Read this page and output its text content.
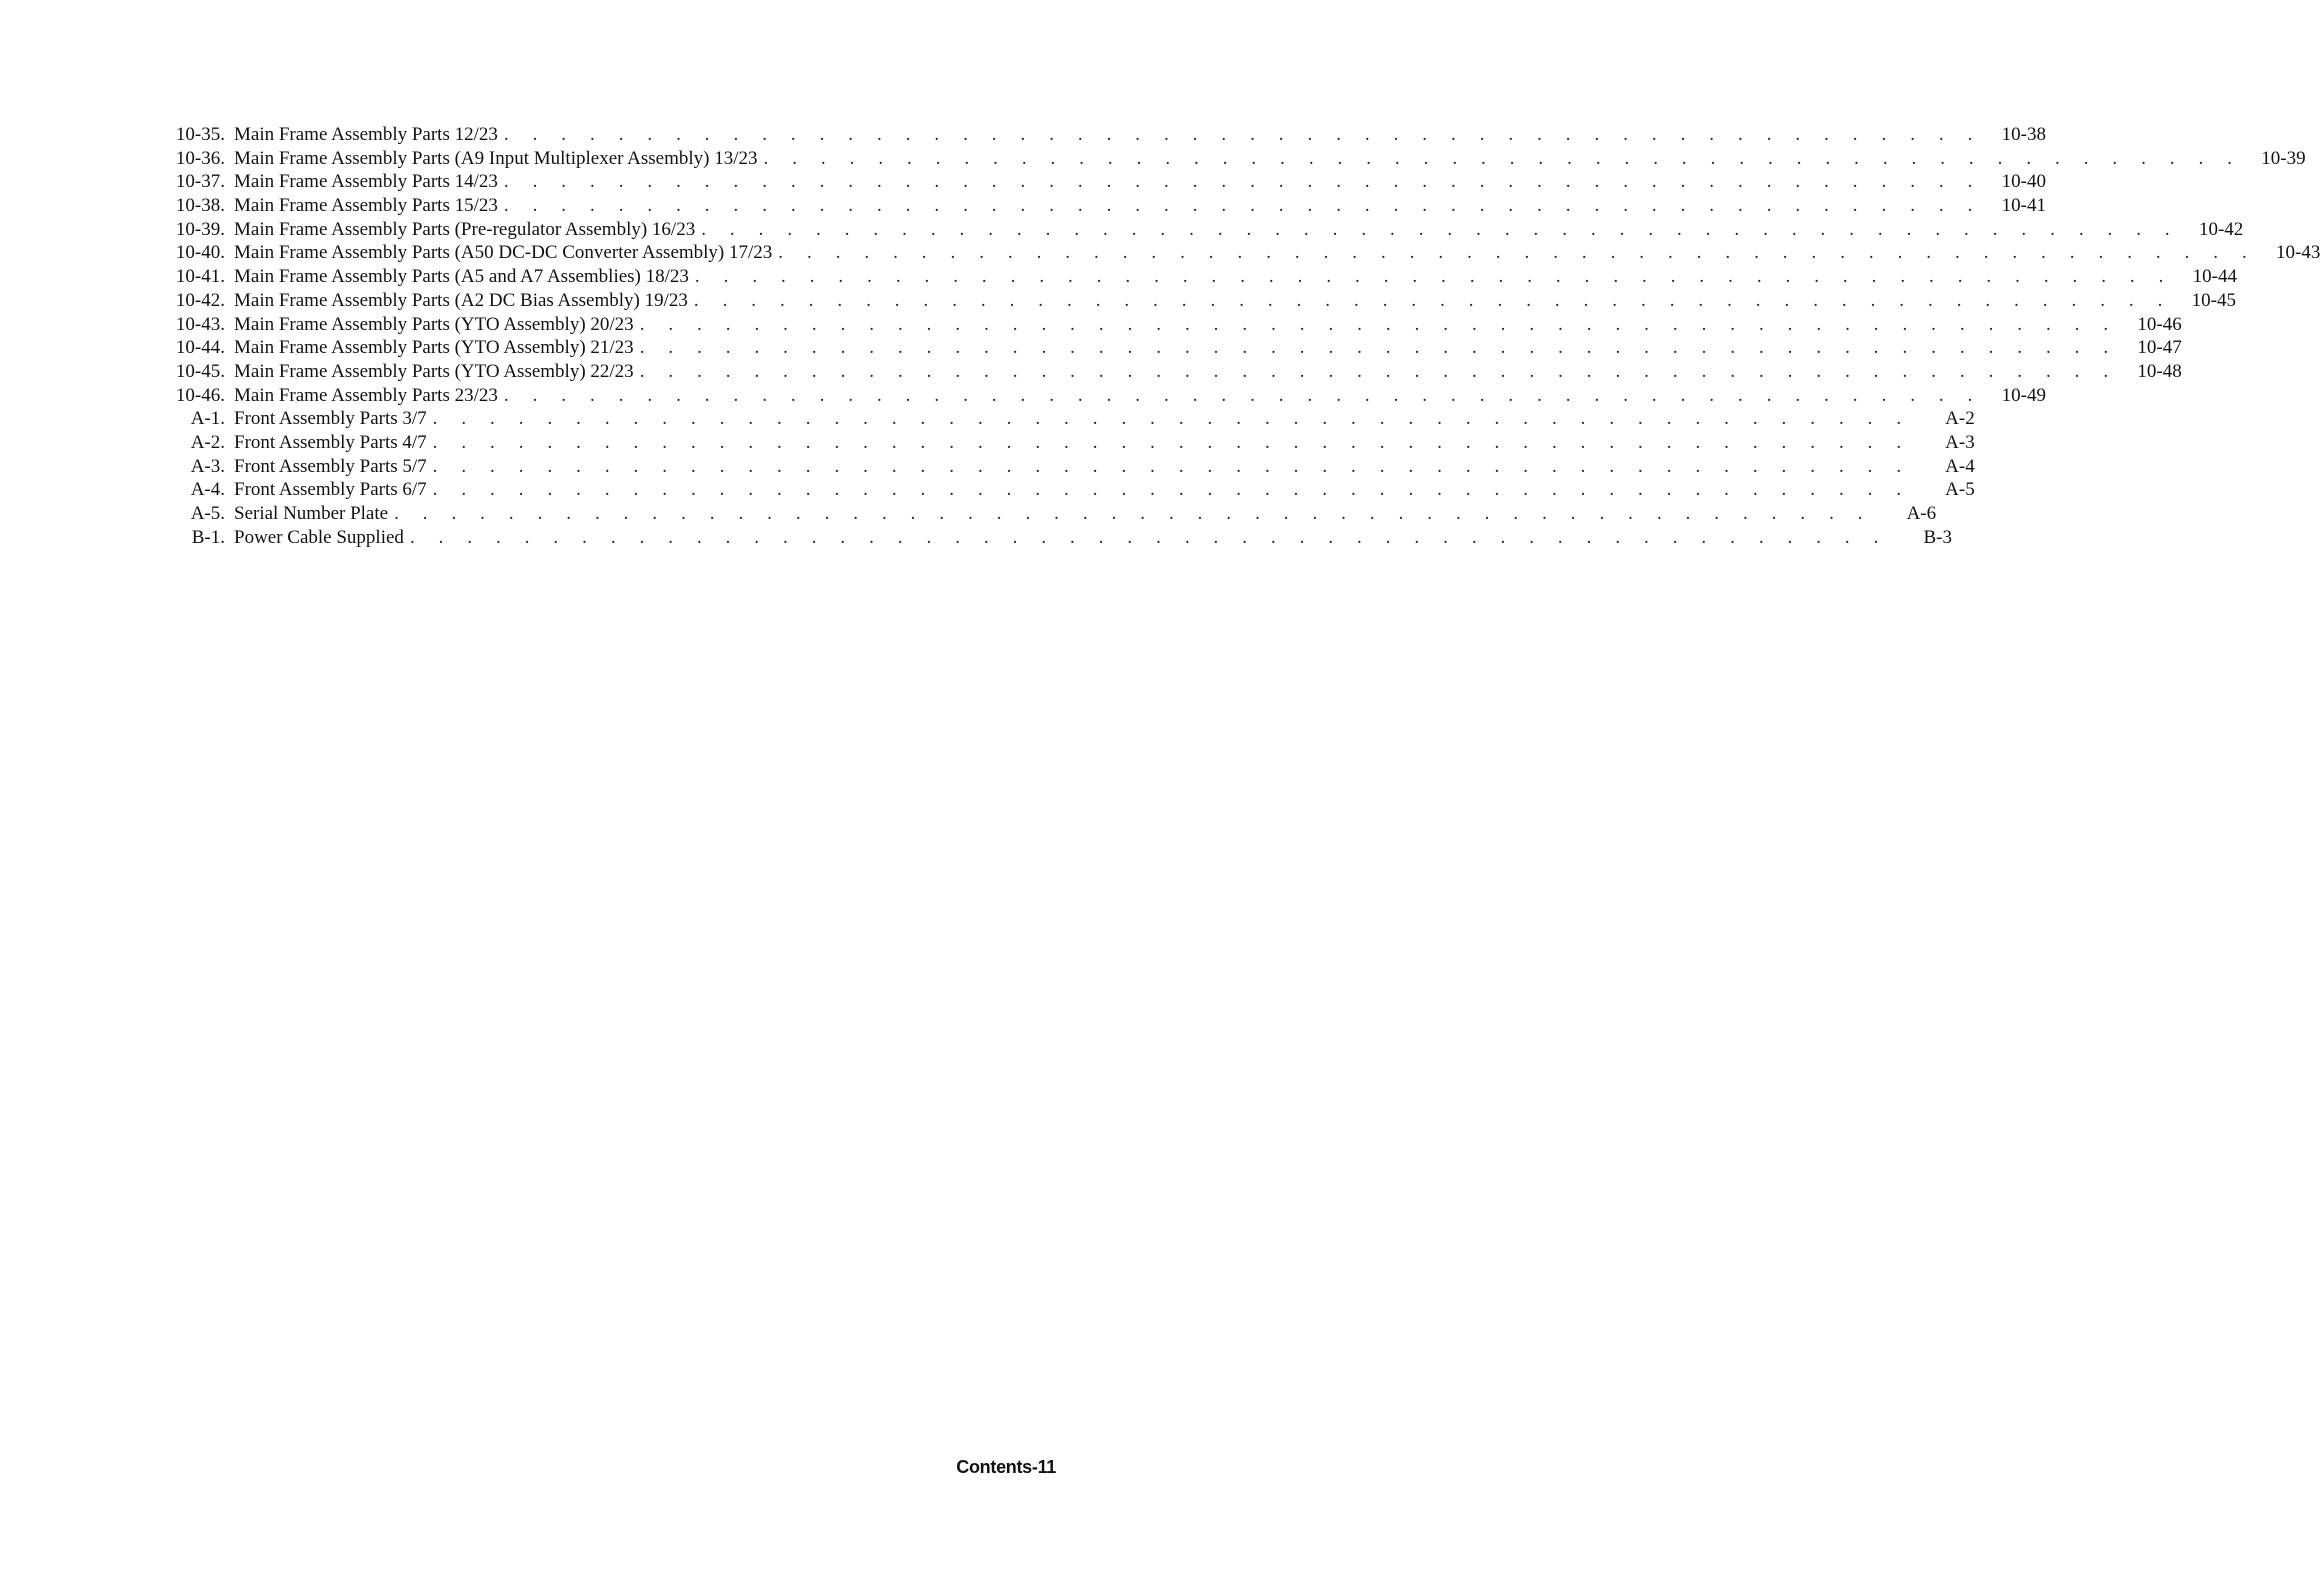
10-35. Main Frame Assembly Parts 12/23 . . . . . . . . . . . . . . . . . . . . . . . . . . . . . . . . . . . . . . . . . . . . . . . . . . . .	10-38
10-36. Main Frame Assembly Parts (A9 Input Multiplexer Assembly) 13/23 . . . . . . . . . . . . . . . . . . . . . . . . . . . . . . . . . . . . . . . . . . . . . . . . . . . .	10-39
10-37. Main Frame Assembly Parts 14/23 . . . . . . . . . . . . . . . . . . . . . . . . . . . . . . . . . . . . . . . . . . . . . . . . . . . .	10-40
10-38. Main Frame Assembly Parts 15/23 . . . . . . . . . . . . . . . . . . . . . . . . . . . . . . . . . . . . . . . . . . . . . . . . . . . .	10-41
10-39. Main Frame Assembly Parts (Pre-regulator Assembly) 16/23 . . . . . . . . . . . . . . . . . . . . . . . . . . . . . . . . . . . . . . . . . . . . . . . . . . . .	10-42
10-40. Main Frame Assembly Parts (A50 DC-DC Converter Assembly) 17/23 . . . . . . . . . . . . . . . . . . . . . . . . . . . . . . . . . . . . . . . . . . . . . . . . . . . .	10-43
10-41. Main Frame Assembly Parts (A5 and A7 Assemblies) 18/23 . . . . . . . . . . . . . . . . . . . . . . . . . . . . . . . . . . . . . . . . . . . . . . . . . . . .	10-44
10-42. Main Frame Assembly Parts (A2 DC Bias Assembly) 19/23 . . . . . . . . . . . . . . . . . . . . . . . . . . . . . . . . . . . . . . . . . . . . . . . . . . . .	10-45
10-43. Main Frame Assembly Parts (YTO Assembly) 20/23 . . . . . . . . . . . . . . . . . . . . . . . . . . . . . . . . . . . . . . . . . . . . . . . . . . . .	10-46
10-44. Main Frame Assembly Parts (YTO Assembly) 21/23 . . . . . . . . . . . . . . . . . . . . . . . . . . . . . . . . . . . . . . . . . . . . . . . . . . . .	10-47
10-45. Main Frame Assembly Parts (YTO Assembly) 22/23 . . . . . . . . . . . . . . . . . . . . . . . . . . . . . . . . . . . . . . . . . . . . . . . . . . . .	10-48
10-46. Main Frame Assembly Parts 23/23 . . . . . . . . . . . . . . . . . . . . . . . . . . . . . . . . . . . . . . . . . . . . . . . . . . . .	10-49
A-1. Front Assembly Parts 3/7 . . . . . . . . . . . . . . . . . . . . . . . . . . . . . . . . . . . . . . . . . . . . . . . . . . . .	A-2
A-2. Front Assembly Parts 4/7 . . . . . . . . . . . . . . . . . . . . . . . . . . . . . . . . . . . . . . . . . . . . . . . . . . . .	A-3
A-3. Front Assembly Parts 5/7 . . . . . . . . . . . . . . . . . . . . . . . . . . . . . . . . . . . . . . . . . . . . . . . . . . . .	A-4
A-4. Front Assembly Parts 6/7 . . . . . . . . . . . . . . . . . . . . . . . . . . . . . . . . . . . . . . . . . . . . . . . . . . . .	A-5
A-5. Serial Number Plate . . . . . . . . . . . . . . . . . . . . . . . . . . . . . . . . . . . . . . . . . . . . . . . . . . . .	A-6
B-1. Power Cable Supplied . . . . . . . . . . . . . . . . . . . . . . . . . . . . . . . . . . . . . . . . . . . . . . . . . . . .	B-3
Contents-11
